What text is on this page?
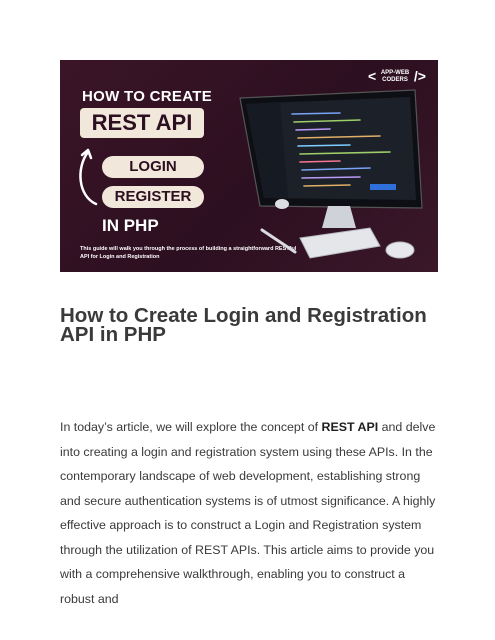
HOW TO CREATE
REST API
LOGIN
REGISTER
IN PHP
This guide will walk you through the process of building a straightforward RESTful API for Login and Registration
< APP-WEB
CODERS />
How to Create Login and Registration API in PHP

In today’s article, we will explore the concept of REST API and delve into creating a login and registration system using these APIs. In the contemporary landscape of web development, establishing strong and secure authentication systems is of utmost significance. A highly effective approach is to construct a Login and Registration system through the utilization of REST APIs. This article aims to provide you with a comprehensive walkthrough, enabling you to construct a robust and
